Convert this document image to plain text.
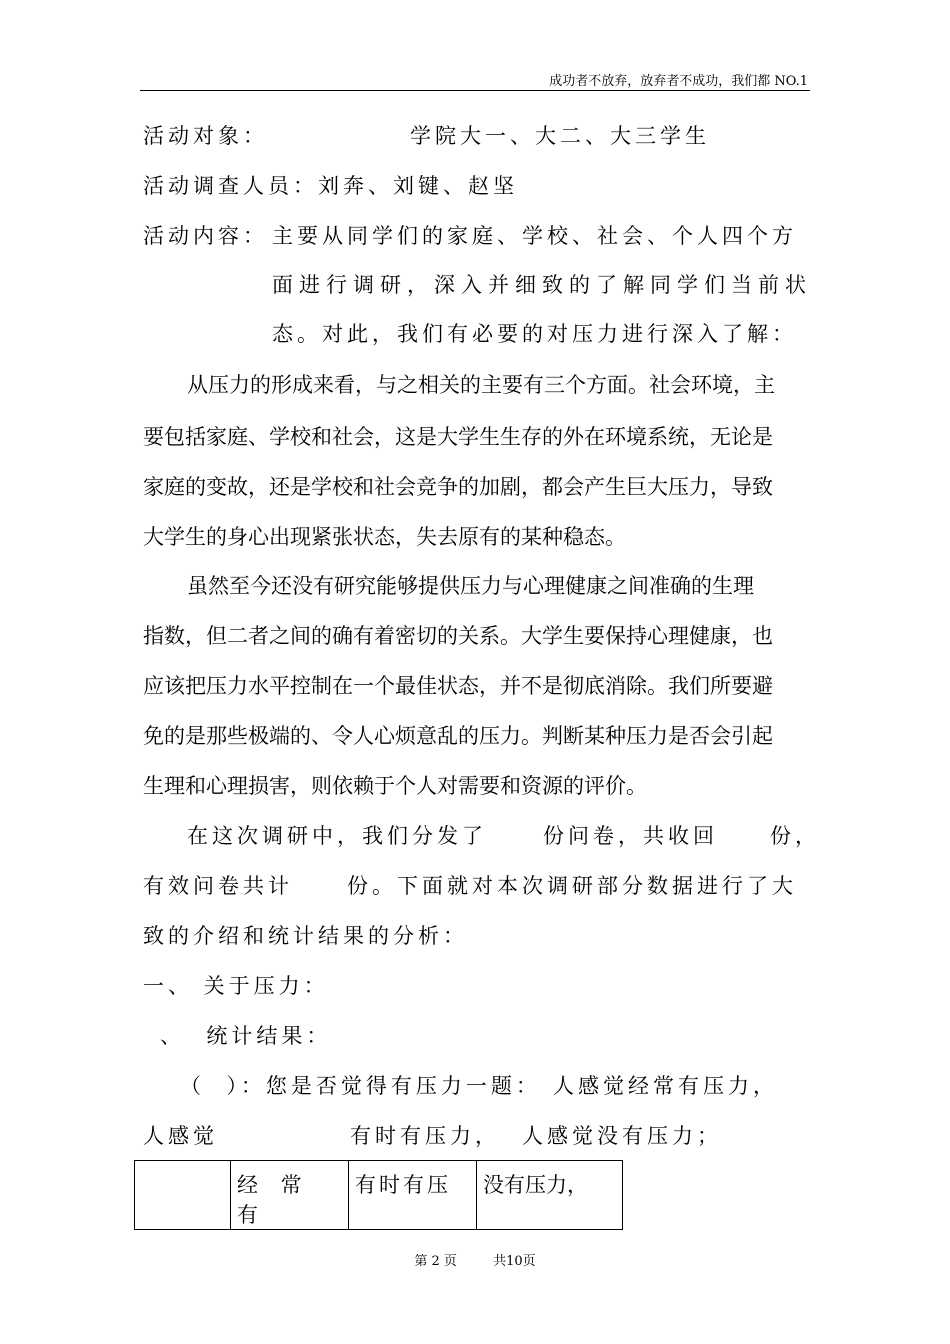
成功者不放弃，放弃者不成功，我们都 NO.1
活动对象：	学院大一、大二、大三学生
活动调查人员：刘奔、刘键、赵坚
活动内容： 主要从同学们的家庭、学校、社会、个人四个方
面进行调研，深入并细致的了解同学们当前状
态。对此，我们有必要的对压力进行深入了解：
从压力的形成来看，与之相关的主要有三个方面。社会环境，主
要包括家庭、学校和社会，这是大学生生存的外在环境系统，无论是
家庭的变故，还是学校和社会竞争的加剧，都会产生巨大压力，导致
大学生的身心出现紧张状态，失去原有的某种稳态。
虽然至今还没有研究能够提供压力与心理健康之间准确的生理
指数，但二者之间的确有着密切的关系。大学生要保持心理健康，也
应该把压力水平控制在一个最佳状态，并不是彻底消除。我们所要避
免的是那些极端的、令人心烦意乱的压力。判断某种压力是否会引起
生理和心理损害，则依赖于个人对需要和资源的评价。
在这次调研中，我们分发了	份问卷，共收回 份，
有效问卷共计	份。下面就对本次调研部分数据进行了大
致的介绍和统计结果的分析：
一、 关于压力：
、  统计结果：
（  ）：您是否觉得有压力一题： 人感觉经常有压力，
人感觉	有时有压力， 人感觉没有压力；
	经 常 有	有时有压	没有压力，
第 2 页	共10页
